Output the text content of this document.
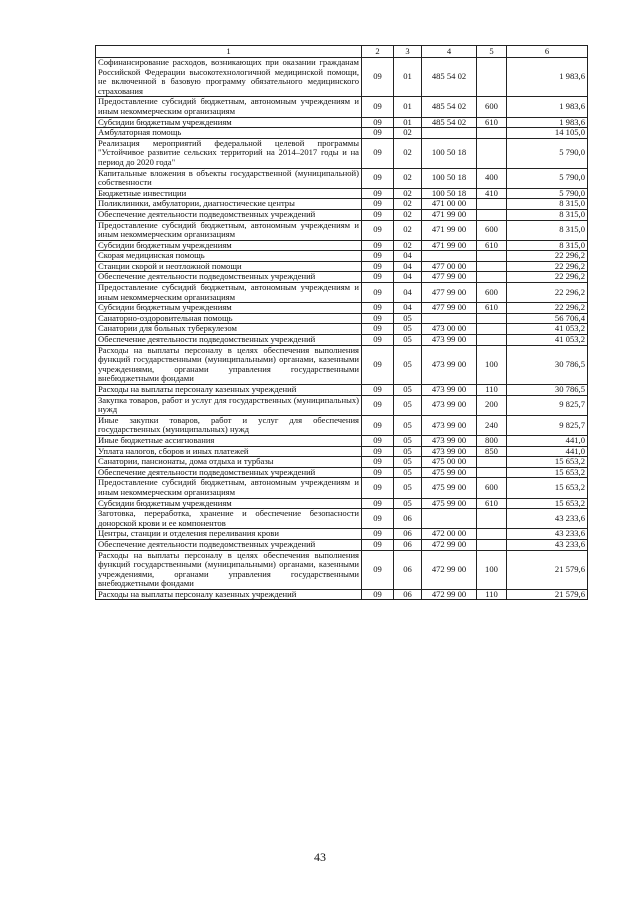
1	2	3	4	5	6
Софинансирование расходов, возникающих при оказании гражданам Российской Федерации высокотехнологичной медицинской помощи, не включенной в базовую программу обязательного медицинского страхования	09	01	485 54 02		1 983,6
Предоставление субсидий бюджетным, автономным учреждениям и иным некоммерческим организациям	09	01	485 54 02	600	1 983,6
Субсидии бюджетным учреждениям	09	01	485 54 02	610	1 983,6
Амбулаторная помощь	09	02			14 105,0
Реализация мероприятий федеральной целевой программы "Устойчивое развитие сельских территорий на 2014–2017 годы и на период до 2020 года"	09	02	100 50 18		5 790,0
Капитальные вложения в объекты государственной (муниципальной) собственности	09	02	100 50 18	400	5 790,0
Бюджетные инвестиции	09	02	100 50 18	410	5 790,0
Поликлиники, амбулатории, диагностические центры	09	02	471 00 00		8 315,0
Обеспечение деятельности подведомственных учреждений	09	02	471 99 00		8 315,0
Предоставление субсидий бюджетным, автономным учреждениям и иным некоммерческим организациям	09	02	471 99 00	600	8 315,0
Субсидии бюджетным учреждениям	09	02	471 99 00	610	8 315,0
Скорая медицинская помощь	09	04			22 296,2
Станции скорой и неотложной помощи	09	04	477 00 00		22 296,2
Обеспечение деятельности подведомственных учреждений	09	04	477 99 00		22 296,2
Предоставление субсидий бюджетным, автономным учреждениям и иным некоммерческим организациям	09	04	477 99 00	600	22 296,2
Субсидии бюджетным учреждениям	09	04	477 99 00	610	22 296,2
Санаторно-оздоровительная помощь	09	05			56 706,4
Санатории для больных туберкулезом	09	05	473 00 00		41 053,2
Обеспечение деятельности подведомственных учреждений	09	05	473 99 00		41 053,2
Расходы на выплаты персоналу в целях обеспечения выполнения функций государственными (муниципальными) органами, казенными учреждениями, органами управления государственными внебюджетными фондами	09	05	473 99 00	100	30 786,5
Расходы на выплаты персоналу казенных учреждений	09	05	473 99 00	110	30 786,5
Закупка товаров, работ и услуг для государственных (муниципальных) нужд	09	05	473 99 00	200	9 825,7
Иные закупки товаров, работ и услуг для обеспечения государственных (муниципальных) нужд	09	05	473 99 00	240	9 825,7
Иные бюджетные ассигнования	09	05	473 99 00	800	441,0
Уплата налогов, сборов и иных платежей	09	05	473 99 00	850	441,0
Санатории, пансионаты, дома отдыха и турбазы	09	05	475 00 00		15 653,2
Обеспечение деятельности подведомственных учреждений	09	05	475 99 00		15 653,2
Предоставление субсидий бюджетным, автономным учреждениям и иным некоммерческим организациям	09	05	475 99 00	600	15 653,2
Субсидии бюджетным учреждениям	09	05	475 99 00	610	15 653,2
Заготовка, переработка, хранение и обеспечение безопасности донорской крови и ее компонентов	09	06			43 233,6
Центры, станции и отделения переливания крови	09	06	472 00 00		43 233,6
Обеспечение деятельности подведомственных учреждений	09	06	472 99 00		43 233,6
Расходы на выплаты персоналу в целях обеспечения выполнения функций государственными (муниципальными) органами, казенными учреждениями, органами управления государственными внебюджетными фондами	09	06	472 99 00	100	21 579,6
Расходы на выплаты персоналу казенных учреждений	09	06	472 99 00	110	21 579,6
43
